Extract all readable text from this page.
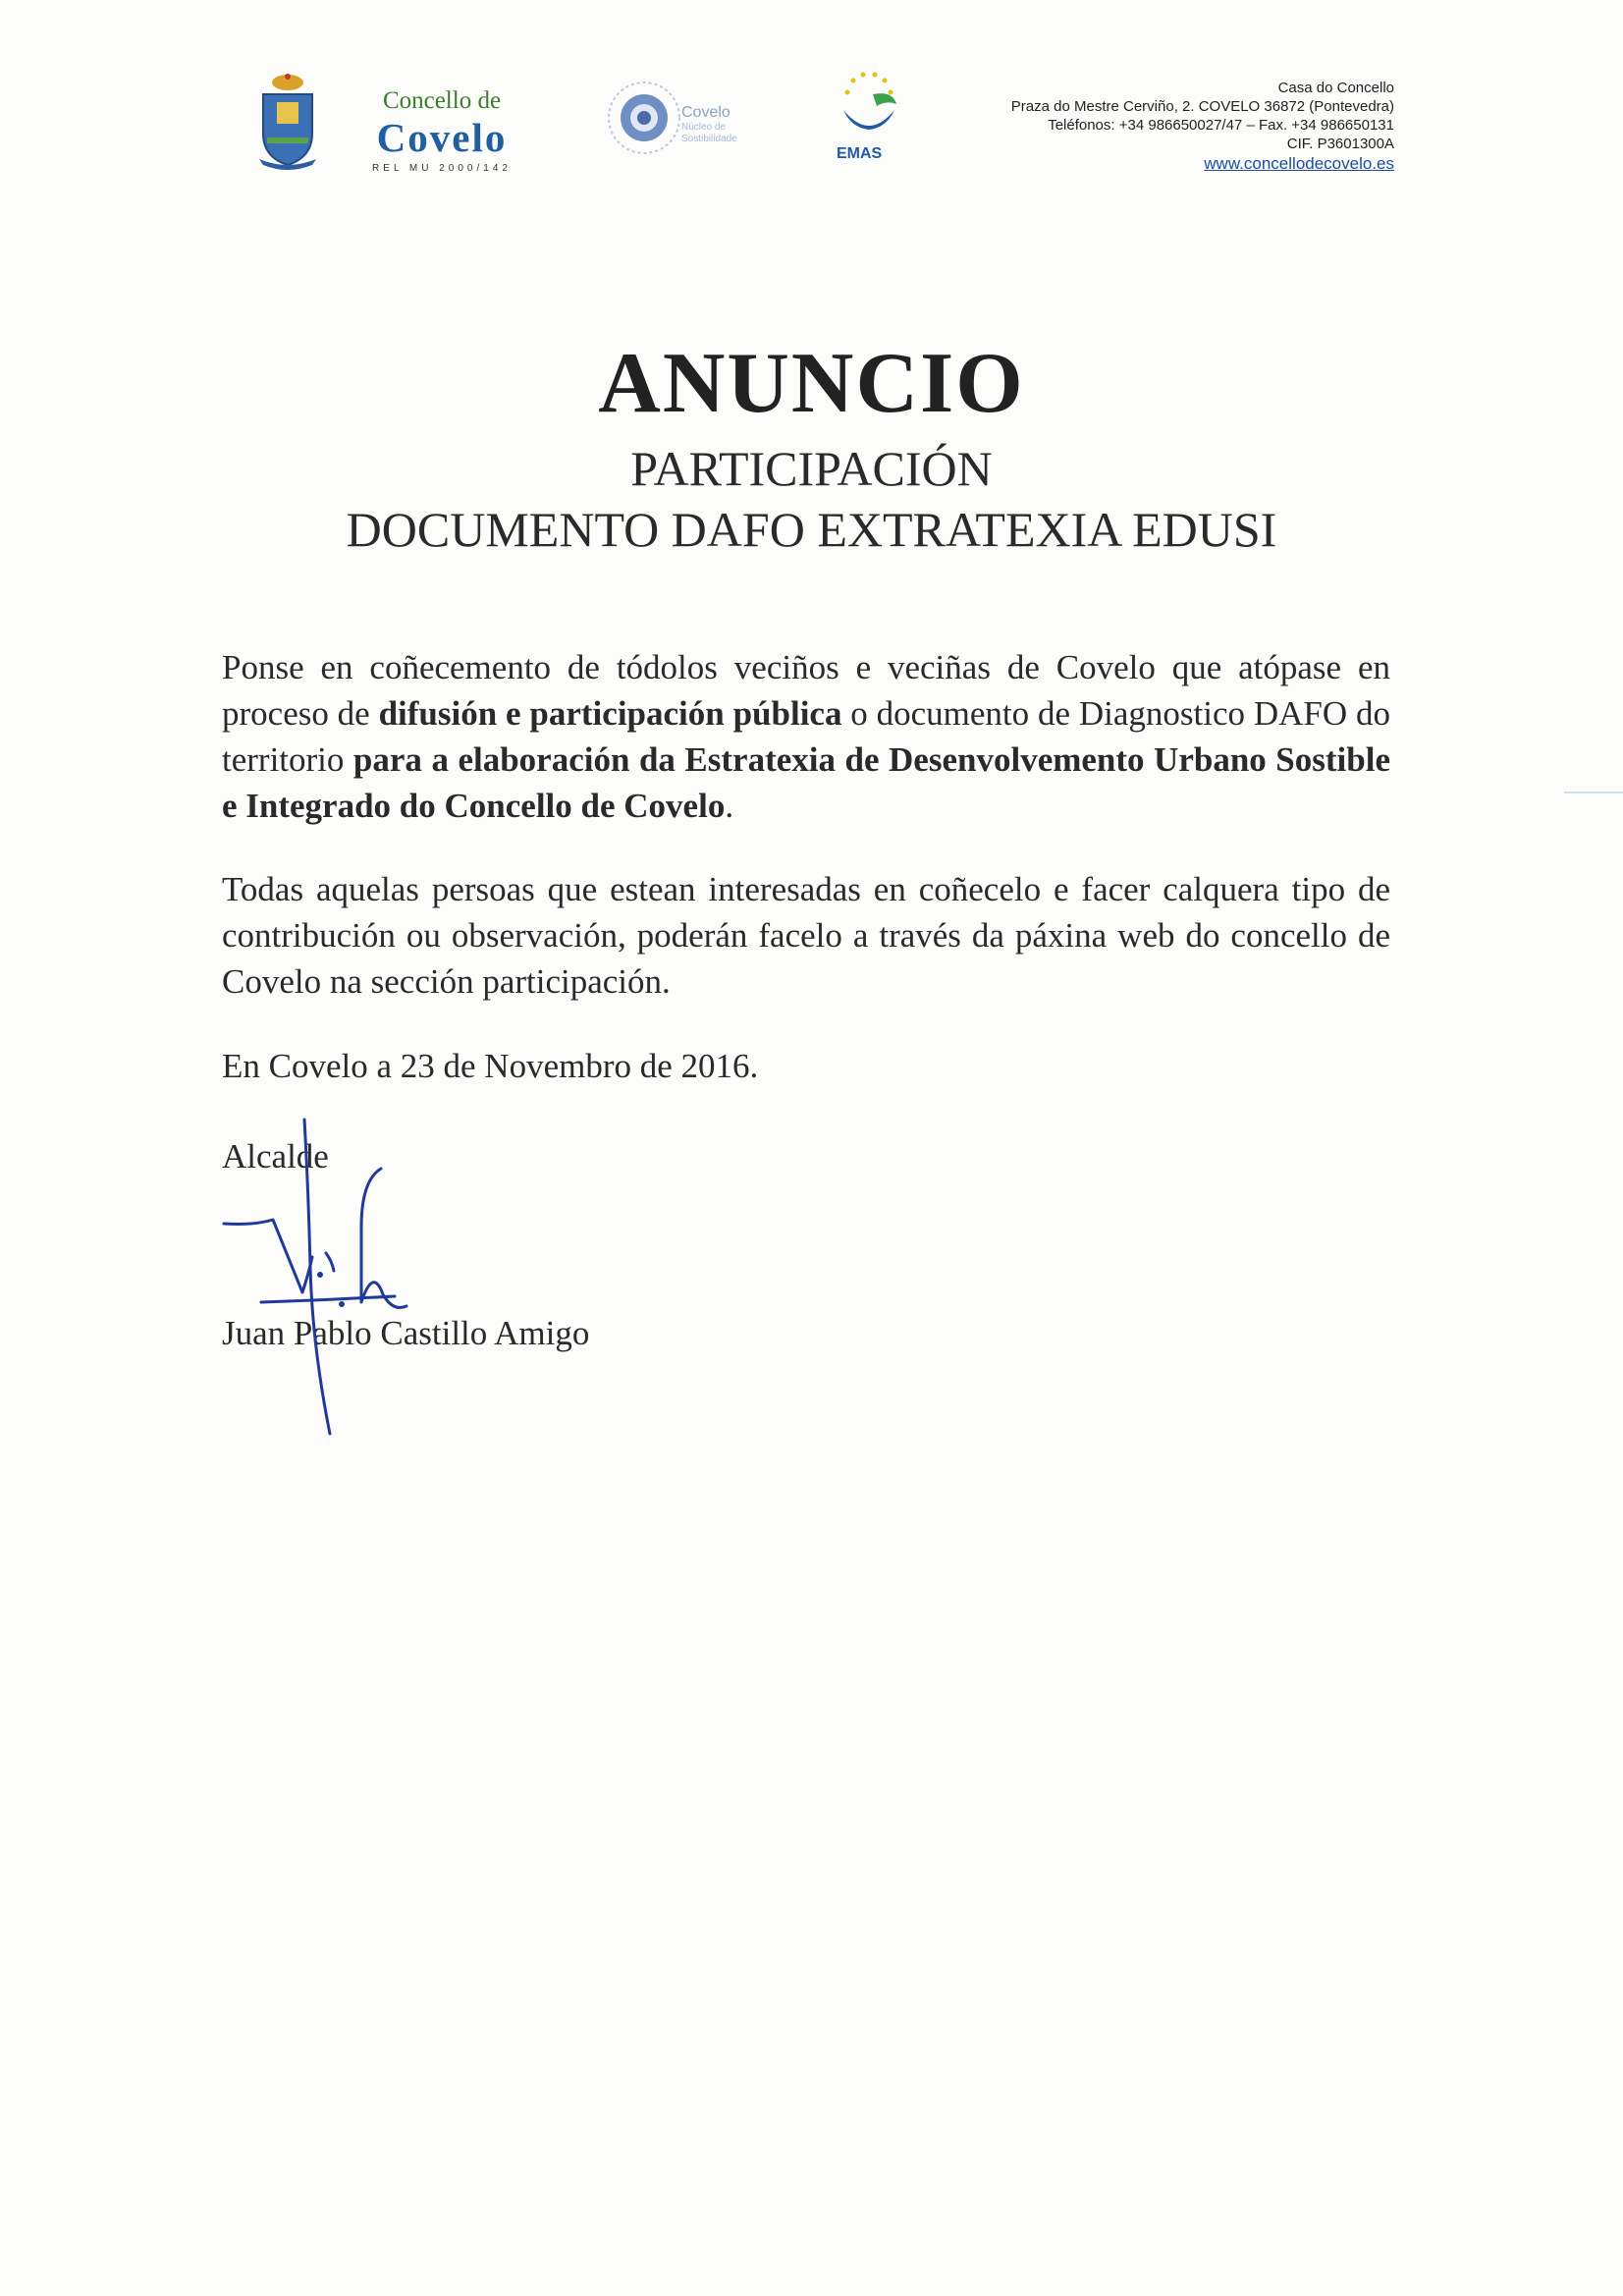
Concello de
Covelo
REL MU 2000/142
Covelo
Núcleo de
Sostibilidade
EMAS
Casa do Concello
Praza do Mestre Cerviño, 2. COVELO 36872 (Pontevedra)
Teléfonos: +34 986650027/47 – Fax. +34 986650131
CIF. P3601300A
www.concellodecovelo.es
ANUNCIO
PARTICIPACIÓN
DOCUMENTO DAFO EXTRATEXIA EDUSI
Ponse en coñecemento de tódolos veciños e veciñas de Covelo que atópase en proceso de difusión e participación pública o documento de Diagnostico DAFO do territorio para a elaboración da Estratexia de Desenvolvemento Urbano Sostible e Integrado do Concello de Covelo.
Todas aquelas persoas que estean interesadas en coñecelo e facer calquera tipo de contribución ou observación, poderán facelo a través da páxina web do concello de Covelo na sección participación.
En Covelo a 23 de Novembro de 2016.
Alcalde
Juan Pablo Castillo Amigo
